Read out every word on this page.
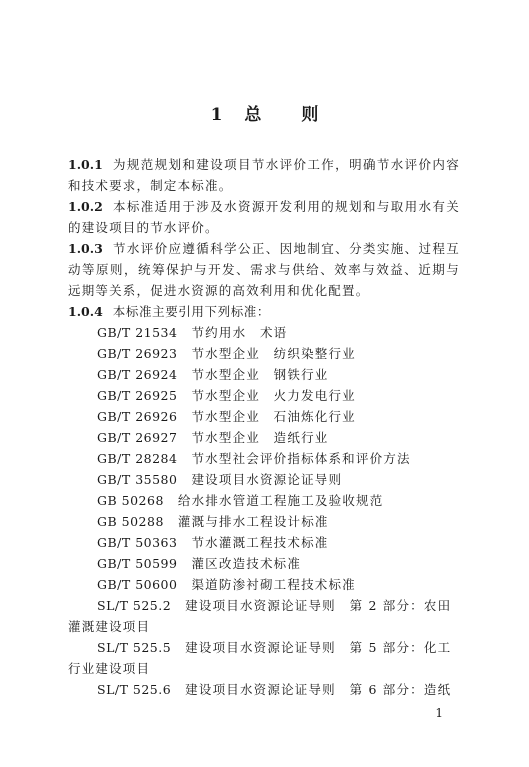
1 总 则

1.0.1 为规范规划和建设项目节水评价工作，明确节水评价内容和技术要求，制定本标准。

1.0.2 本标准适用于涉及水资源开发利用的规划和与取用水有关的建设项目的节水评价。

1.0.3 节水评价应遵循科学公正、因地制宜、分类实施、过程互动等原则，统筹保护与开发、需求与供给、效率与效益、近期与远期等关系，促进水资源的高效利用和优化配置。

1.0.4 本标准主要引用下列标准：

GB/T 21534 节约用水　术语
GB/T 26923 节水型企业　纺织染整行业
GB/T 26924 节水型企业　钢铁行业
GB/T 26925 节水型企业　火力发电行业
GB/T 26926 节水型企业　石油炼化行业
GB/T 26927 节水型企业　造纸行业
GB/T 28284 节水型社会评价指标体系和评价方法
GB/T 35580 建设项目水资源论证导则
GB 50268 给水排水管道工程施工及验收规范
GB 50288 灌溉与排水工程设计标准
GB/T 50363 节水灌溉工程技术标准
GB/T 50599 灌区改造技术标准
GB/T 50600 渠道防渗衬砌工程技术标准
SL/T 525.2 建设项目水资源论证导则　第 2 部分：农田灌溉建设项目
SL/T 525.5 建设项目水资源论证导则　第 5 部分：化工行业建设项目
SL/T 525.6 建设项目水资源论证导则　第 6 部分：造纸
1
